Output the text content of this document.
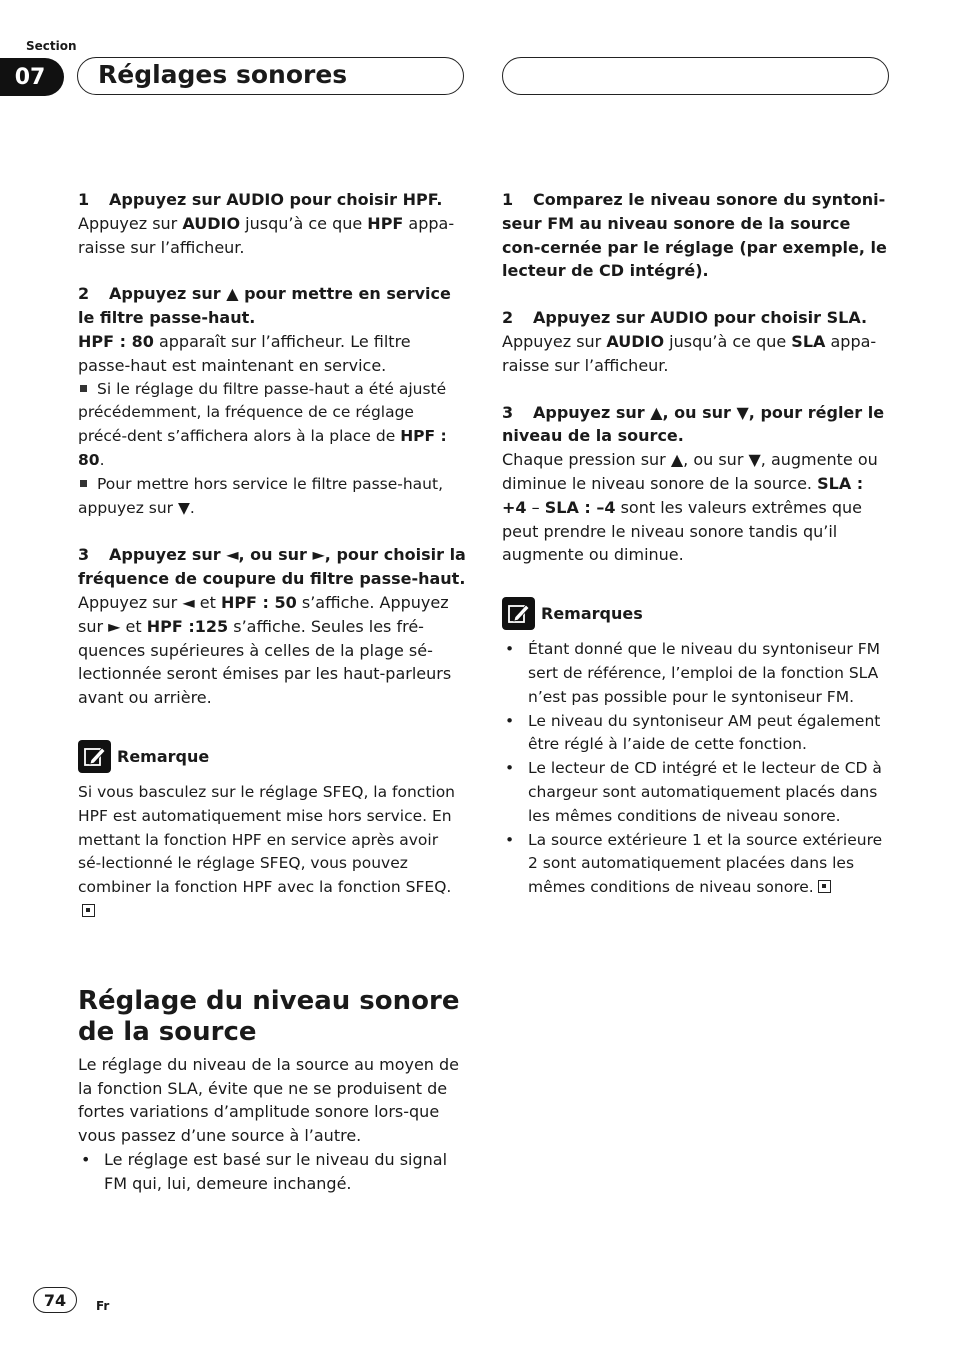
Section
07	Réglages sonores

1 Appuyez sur AUDIO pour choisir HPF.

Appuyez sur AUDIO jusqu’à ce que HPF appa-raisse sur l’afficheur.

2 Appuyez sur ▲ pour mettre en service le filtre passe-haut.

HPF : 80 apparaît sur l’afficheur. Le filtre passe-haut est maintenant en service.

Si le réglage du filtre passe-haut a été ajusté précédemment, la fréquence de ce réglage précé-dent s’affichera alors à la place de HPF : 80.

Pour mettre hors service le filtre passe-haut, appuyez sur ▼.

3 Appuyez sur ◄, ou sur ►, pour choisir la fréquence de coupure du filtre passe-haut.

Appuyez sur ◄ et HPF : 50 s’affiche. Appuyez sur ► et HPF :125 s’affiche. Seules les fré-quences supérieures à celles de la plage sé-lectionnée seront émises par les haut-parleurs avant ou arrière.

Remarque

Si vous basculez sur le réglage SFEQ, la fonction HPF est automatiquement mise hors service. En mettant la fonction HPF en service après avoir sé-lectionné le réglage SFEQ, vous pouvez combiner la fonction HPF avec la fonction SFEQ.

Réglage du niveau sonore de la source

Le réglage du niveau de la source au moyen de la fonction SLA, évite que ne se produisent de fortes variations d’amplitude sonore lors-que vous passez d’une source à l’autre.

• Le réglage est basé sur le niveau du signal FM qui, lui, demeure inchangé.

1 Comparez le niveau sonore du syntoni-seur FM au niveau sonore de la source con-cernée par le réglage (par exemple, le lecteur de CD intégré).

2 Appuyez sur AUDIO pour choisir SLA.

Appuyez sur AUDIO jusqu’à ce que SLA appa-raisse sur l’afficheur.

3 Appuyez sur ▲, ou sur ▼, pour régler le niveau de la source.

Chaque pression sur ▲, ou sur ▼, augmente ou diminue le niveau sonore de la source. SLA : +4 – SLA : –4 sont les valeurs extrêmes que peut prendre le niveau sonore tandis qu’il augmente ou diminue.

Remarques

• Étant donné que le niveau du syntoniseur FM sert de référence, l’emploi de la fonction SLA n’est pas possible pour le syntoniseur FM.

• Le niveau du syntoniseur AM peut également être réglé à l’aide de cette fonction.

• Le lecteur de CD intégré et le lecteur de CD à chargeur sont automatiquement placés dans les mêmes conditions de niveau sonore.

• La source extérieure 1 et la source extérieure 2 sont automatiquement placées dans les mêmes conditions de niveau sonore.

74	Fr
